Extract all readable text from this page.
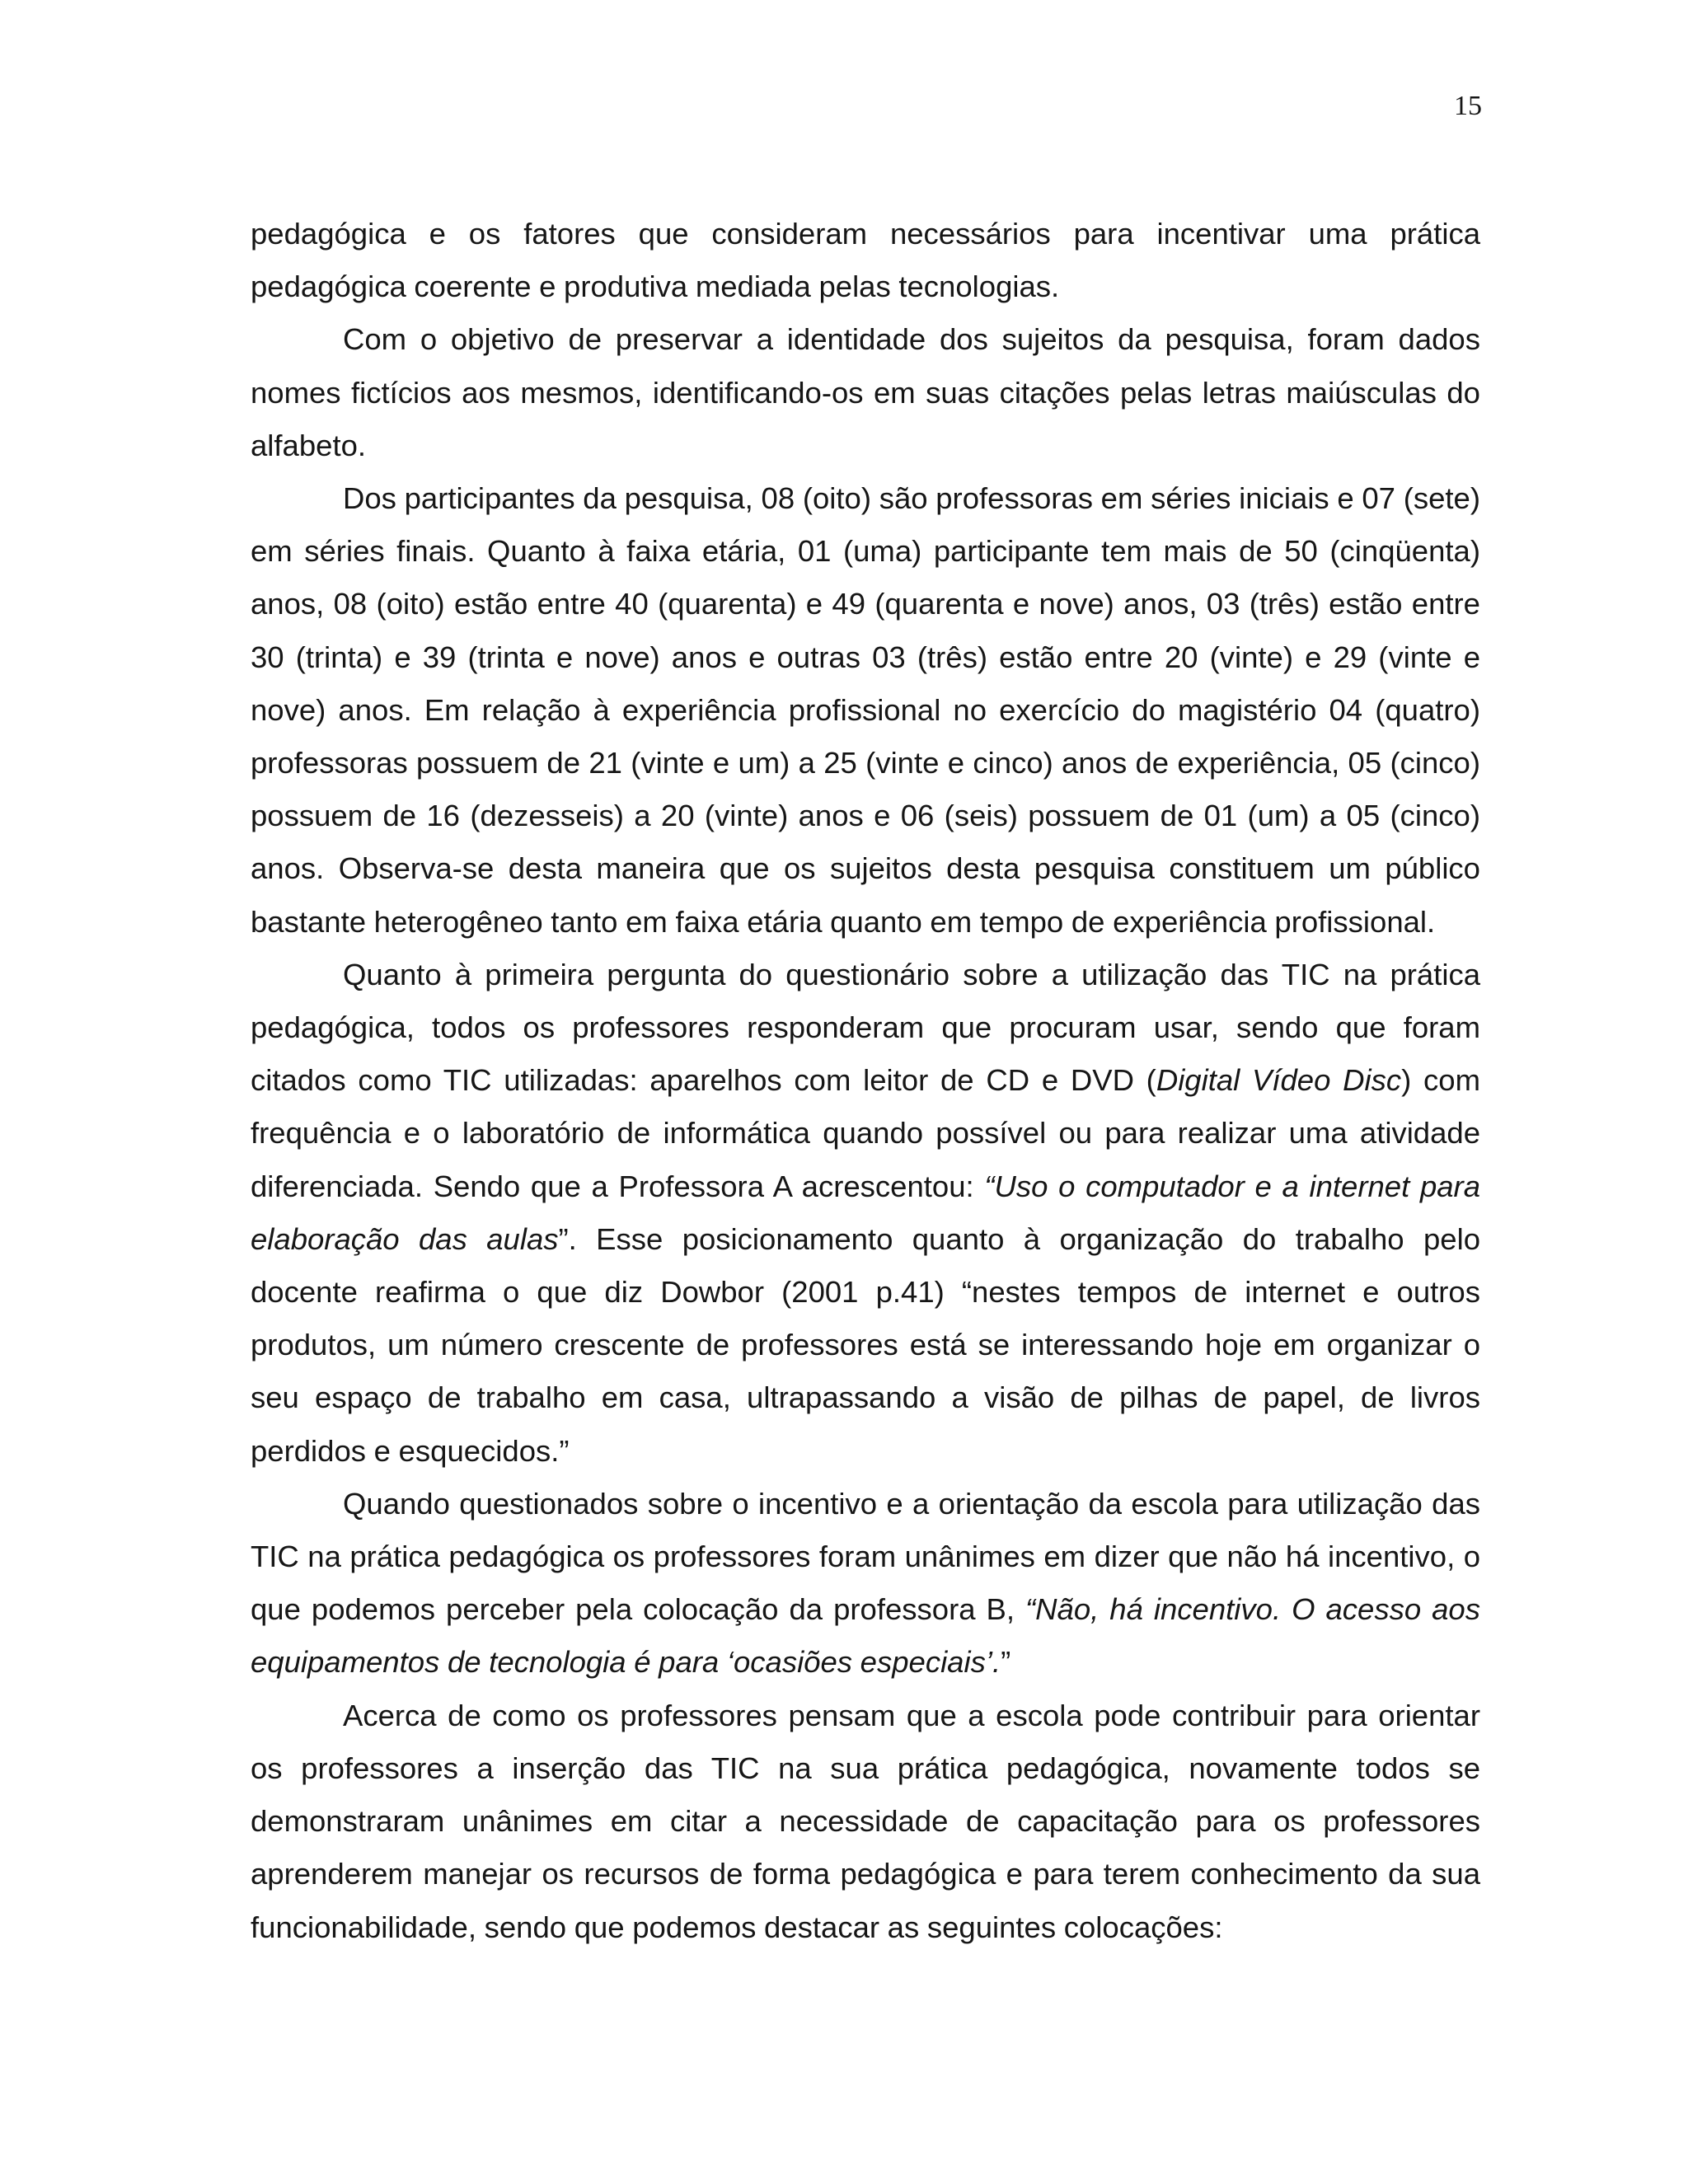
15

pedagógica e os fatores que consideram necessários para incentivar uma prática pedagógica coerente e produtiva mediada pelas tecnologias.

Com o objetivo de preservar a identidade dos sujeitos da pesquisa, foram dados nomes fictícios aos mesmos, identificando-os em suas citações pelas letras maiúsculas do alfabeto.

Dos participantes da pesquisa, 08 (oito) são professoras em séries iniciais e 07 (sete) em séries finais. Quanto à faixa etária, 01 (uma) participante tem mais de 50 (cinqüenta) anos, 08 (oito) estão entre 40 (quarenta) e 49 (quarenta e nove) anos, 03 (três) estão entre 30 (trinta) e 39 (trinta e nove) anos e outras 03 (três) estão entre 20 (vinte) e 29 (vinte e nove) anos. Em relação à experiência profissional no exercício do magistério 04 (quatro) professoras possuem de 21 (vinte e um) a 25 (vinte e cinco) anos de experiência, 05 (cinco) possuem de 16 (dezesseis) a 20 (vinte) anos e 06 (seis) possuem de 01 (um) a 05 (cinco) anos. Observa-se desta maneira que os sujeitos desta pesquisa constituem um público bastante heterogêneo tanto em faixa etária quanto em tempo de experiência profissional.

Quanto à primeira pergunta do questionário sobre a utilização das TIC na prática pedagógica, todos os professores responderam que procuram usar, sendo que foram citados como TIC utilizadas: aparelhos com leitor de CD e DVD (Digital Vídeo Disc) com frequência e o laboratório de informática quando possível ou para realizar uma atividade diferenciada. Sendo que a Professora A acrescentou: “Uso o computador e a internet para elaboração das aulas”. Esse posicionamento quanto à organização do trabalho pelo docente reafirma o que diz Dowbor (2001 p.41) “nestes tempos de internet e outros produtos, um número crescente de professores está se interessando hoje em organizar o seu espaço de trabalho em casa, ultrapassando a visão de pilhas de papel, de livros perdidos e esquecidos.”

Quando questionados sobre o incentivo e a orientação da escola para utilização das TIC na prática pedagógica os professores foram unânimes em dizer que não há incentivo, o que podemos perceber pela colocação da professora B, “Não, há incentivo. O acesso aos equipamentos de tecnologia é para ‘ocasiões especiais’.”

Acerca de como os professores pensam que a escola pode contribuir para orientar os professores a inserção das TIC na sua prática pedagógica, novamente todos se demonstraram unânimes em citar a necessidade de capacitação para os professores aprenderem manejar os recursos de forma pedagógica e para terem conhecimento da sua funcionabilidade, sendo que podemos destacar as seguintes colocações:
